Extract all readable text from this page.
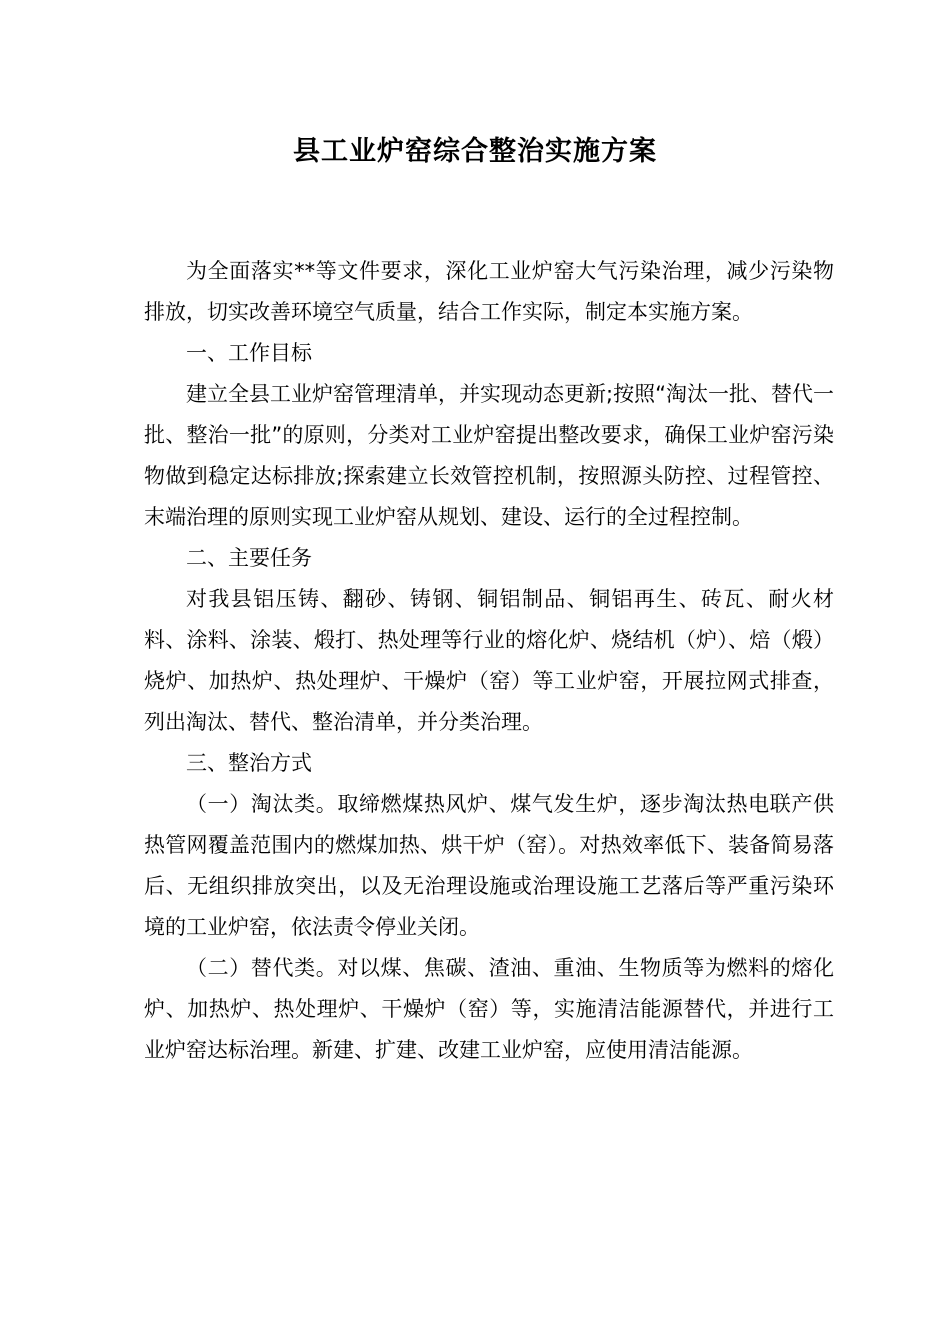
县工业炉窑综合整治实施方案

为全面落实**等文件要求，深化工业炉窑大气污染治理，减少污染物排放，切实改善环境空气质量，结合工作实际，制定本实施方案。

一、工作目标

建立全县工业炉窑管理清单，并实现动态更新;按照“淘汰一批、替代一批、整治一批”的原则，分类对工业炉窑提出整改要求，确保工业炉窑污染物做到稳定达标排放;探索建立长效管控机制，按照源头防控、过程管控、末端治理的原则实现工业炉窑从规划、建设、运行的全过程控制。

二、主要任务

对我县铝压铸、翻砂、铸钢、铜铝制品、铜铝再生、砖瓦、耐火材料、涂料、涂装、煅打、热处理等行业的熔化炉、烧结机（炉）、焙（煅）烧炉、加热炉、热处理炉、干燥炉（窑）等工业炉窑，开展拉网式排查，列出淘汰、替代、整治清单，并分类治理。

三、整治方式

（一）淘汰类。取缔燃煤热风炉、煤气发生炉，逐步淘汰热电联产供热管网覆盖范围内的燃煤加热、烘干炉（窑）。对热效率低下、装备简易落后、无组织排放突出，以及无治理设施或治理设施工艺落后等严重污染环境的工业炉窑，依法责令停业关闭。

（二）替代类。对以煤、焦碳、渣油、重油、生物质等为燃料的熔化炉、加热炉、热处理炉、干燥炉（窑）等，实施清洁能源替代，并进行工业炉窑达标治理。新建、扩建、改建工业炉窑，应使用清洁能源。
